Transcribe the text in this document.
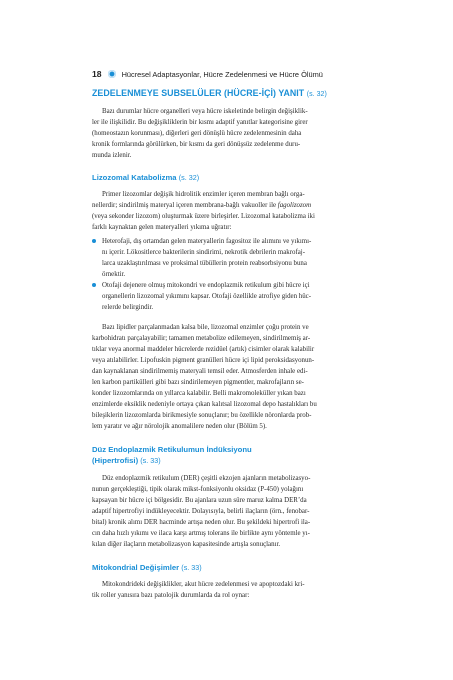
18	Hücresel Adaptasyonlar, Hücre Zedelenmesi ve Hücre Ölümü
ZEDELENMEYE SUBSELÜLER (HÜCRE-İÇİ) YANIT (s. 32)
Bazı durumlar hücre organelleri veya hücre iskeletinde belirgin değişiklik-
ler ile ilişkilidir. Bu değişikliklerin bir kısmı adaptif yanıtlar kategorisine girer
(homeostazın korunması), diğerleri geri dönüşlü hücre zedelenmesinin daha
kronik formlarında görülürken, bir kısmı da geri dönüşsüz zedelenme duru-
munda izlenir.
Lizozomal Katabolizma (s. 32)
Primer lizozomlar değişik hidrolitik enzimler içeren membran bağlı orga-
nellerdir; sindirilmiş materyal içeren membrana-bağlı vakuoller ile fagolizozom
(veya sekonder lizozom) oluşturmak üzere birleşirler. Lizozomal katabolizma iki
farklı kaynaktan gelen materyalleri yıkıma uğratır:
Heterofaji, dış ortamdan gelen materyallerin fagositoz ile alımını ve yıkımı-
nı içerir. Lökositlerce bakterilerin sindirimi, nekrotik debrilerin makrofaj-
larca uzaklaştırılması ve proksimal tübüllerin protein reabsorbsiyonu buna
örnektir.
Otofaji dejenere olmuş mitokondri ve endoplazmik retikulum gibi hücre içi
organellerin lizozomal yıkımını kapsar. Otofaji özellikle atrofiye giden hüc-
relerde belirgindir.
Bazı lipidler parçalanmadan kalsa bile, lizozomal enzimler çoğu protein ve
karbohidratı parçalayabilir; tamamen metabolize edilemeyen, sindirilmemiş ar-
tıklar veya anormal maddeler hücrelerde rezidüel (artık) cisimler olarak kalabilir
veya atılabilirler. Lipofuskin pigment granülleri hücre içi lipid peroksidasyonun-
dan kaynaklanan sindirilmemiş materyali temsil eder. Atmosferden inhale edi-
len karbon partikülleri gibi bazı sindirilemeyen pigmentler, makrofajların se-
konder lizozomlarında on yıllarca kalabilir. Belli makromoleküller yıkan bazı
enzimlerde eksiklik nedeniyle ortaya çıkan kalıtsal lizozomal depo hastalıkları bu
bileşiklerin lizozomlarda birikmesiyle sonuçlanır; bu özellikle nöronlarda prob-
lem yaratır ve ağır nörolojik anomalilere neden olur (Bölüm 5).
Düz Endoplazmik Retikulumun İndüksiyonu
(Hipertrofisi) (s. 33)
Düz endoplazmik retikulum (DER) çeşitli ekzojen ajanların metabolizasyo-
nunun gerçekleştiği, tipik olarak mikst-fonksiyonlu oksidaz (P-450) yolağını
kapsayan bir hücre içi bölgesidir. Bu ajanlara uzun süre maruz kalma DER’da
adaptif hipertrofiyi indükleyecektir. Dolayısıyla, belirli ilaçların (örn., fenobar-
bital) kronik alımı DER hacminde artışa neden olur. Bu şekildeki hipertrofi ila-
cın daha hızlı yıkımı ve ilaca karşı artmış tolerans ile birlikte aynı yöntemle yı-
kılan diğer ilaçların metabolizasyon kapasitesinde artışla sonuçlanır.
Mitokondrial Değişimler (s. 33)
Mitokondrideki değişiklikler, akut hücre zedelenmesi ve apoptozdaki kri-
tik roller yanısıra bazı patolojik durumlarda da rol oynar:
